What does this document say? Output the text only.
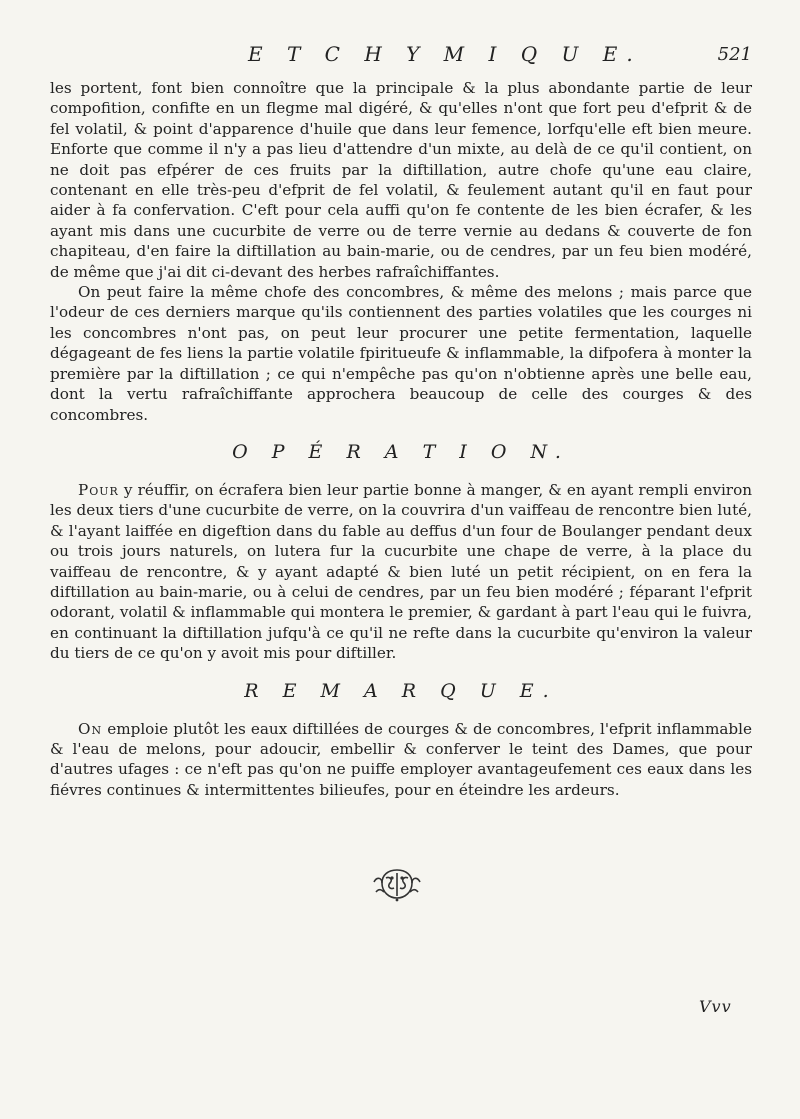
E T C H Y M I Q U E.	521

les portent, font bien connoître que la principale & la plus abondante partie de leur compofition, confifte en un flegme mal digéré, & qu'elles n'ont que fort peu d'efprit & de fel volatil, & point d'apparence d'huile que dans leur femence, lorfqu'elle eft bien meure. Enforte que comme il n'y a pas lieu d'attendre d'un mixte, au delà de ce qu'il contient, on ne doit pas efpérer de ces fruits par la diftillation, autre chofe qu'une eau claire, contenant en elle très-peu d'efprit de fel volatil, & feulement autant qu'il en faut pour aider à fa confervation. C'eft pour cela auffi qu'on fe contente de les bien écrafer, & les ayant mis dans une cucurbite de verre ou de terre vernie au dedans & couverte de fon chapiteau, d'en faire la diftillation au bain-marie, ou de cendres, par un feu bien modéré, de même que j'ai dit ci-devant des herbes rafraîchiffantes.

On peut faire la même chofe des concombres, & même des melons ; mais parce que l'odeur de ces derniers marque qu'ils contiennent des parties volatiles que les courges ni les concombres n'ont pas, on peut leur procurer une petite fermentation, laquelle dégageant de fes liens la partie volatile fpiritueufe & inflammable, la difpofera à monter la première par la diftillation ; ce qui n'empêche pas qu'on n'obtienne après une belle eau, dont la vertu rafraîchiffante approchera beaucoup de celle des courges & des concombres.

O P É R A T I O N.

Pour y réuffir, on écrafera bien leur partie bonne à manger, & en ayant rempli environ les deux tiers d'une cucurbite de verre, on la couvrira d'un vaiffeau de rencontre bien luté, & l'ayant laiffée en digeftion dans du fable au deffus d'un four de Boulanger pendant deux ou trois jours naturels, on lutera fur la cucurbite une chape de verre, à la place du vaiffeau de rencontre, & y ayant adapté & bien luté un petit récipient, on en fera la diftillation au bain-marie, ou à celui de cendres, par un feu bien modéré ; féparant l'efprit odorant, volatil & inflammable qui montera le premier, & gardant à part l'eau qui le fuivra, en continuant la diftillation jufqu'à ce qu'il ne refte dans la cucurbite qu'environ la valeur du tiers de ce qu'on y avoit mis pour diftiller.

R E M A R Q U E.

On emploie plutôt les eaux diftillées de courges & de concombres, l'efprit inflammable & l'eau de melons, pour adoucir, embellir & conferver le teint des Dames, que pour d'autres ufages : ce n'eft pas qu'on ne puiffe employer avantageufement ces eaux dans les fiévres continues & intermittentes bilieufes, pour en éteindre les ardeurs.

Vvv
